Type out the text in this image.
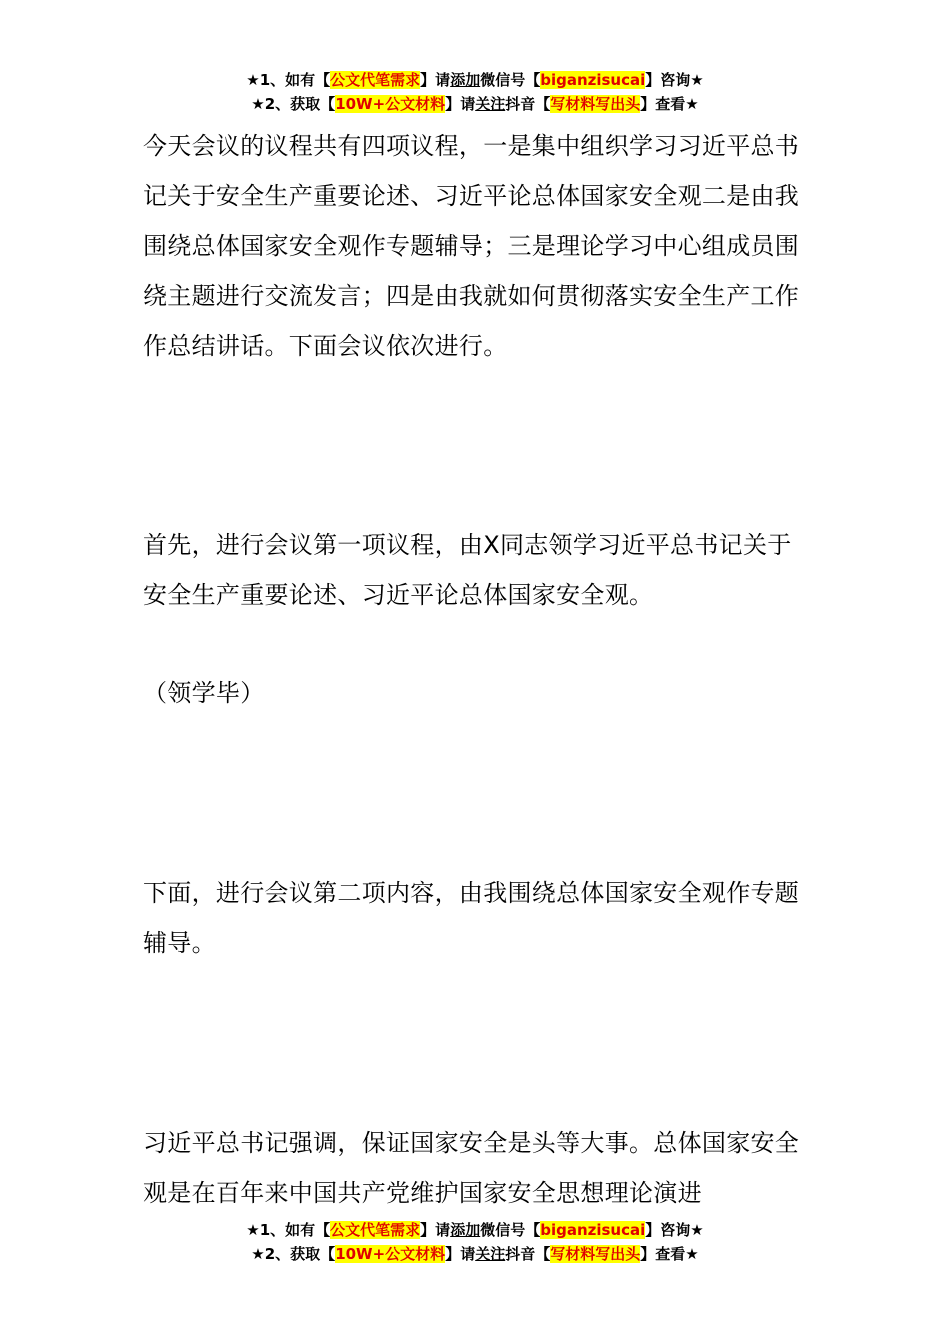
★1、如有【公文代笔需求】请添加微信号【biganzisucai】咨询★
★2、获取【10W+公文材料】请关注抖音【写材料写出头】查看★

今天会议的议程共有四项议程，一是集中组织学习习近平总书记关于安全生产重要论述、习近平论总体国家安全观二是由我围绕总体国家安全观作专题辅导；三是理论学习中心组成员围绕主题进行交流发言；四是由我就如何贯彻落实安全生产工作作总结讲话。下面会议依次进行。

首先，进行会议第一项议程，由X同志领学习近平总书记关于安全生产重要论述、习近平论总体国家安全观。

（领学毕）

下面，进行会议第二项内容，由我围绕总体国家安全观作专题辅导。

习近平总书记强调，保证国家安全是头等大事。总体国家安全观是在百年来中国共产党维护国家安全思想理论演进

★1、如有【公文代笔需求】请添加微信号【biganzisucai】咨询★
★2、获取【10W+公文材料】请关注抖音【写材料写出头】查看★
